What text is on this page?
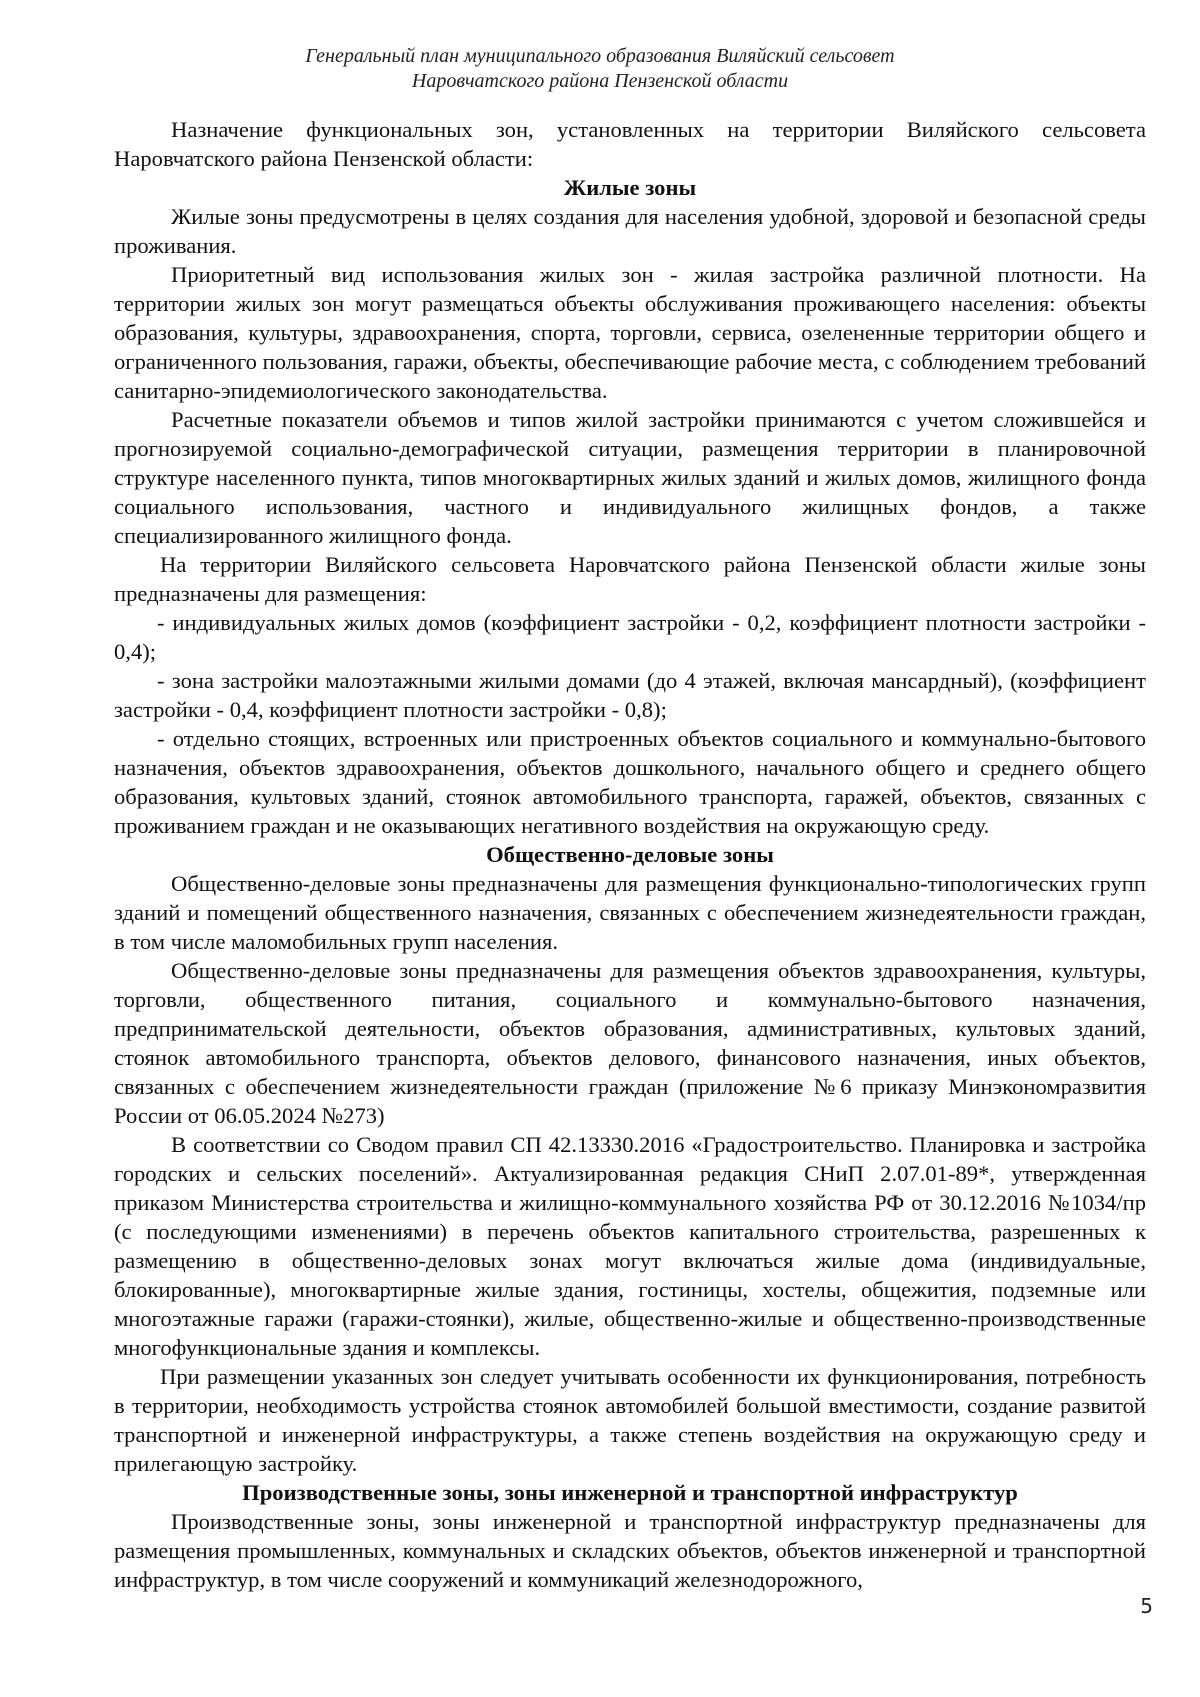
Генеральный план муниципального образования Виляйский сельсовет
Наровчатского района Пензенской области

Назначение функциональных зон, установленных на территории Виляйского сельсовета Наровчатского района Пензенской области:

Жилые зоны

Жилые зоны предусмотрены в целях создания для населения удобной, здоровой и безопасной среды проживания.

Приоритетный вид использования жилых зон - жилая застройка различной плотности. На территории жилых зон могут размещаться объекты обслуживания проживающего населения: объекты образования, культуры, здравоохранения, спорта, торговли, сервиса, озелененные территории общего и ограниченного пользования, гаражи, объекты, обеспечивающие рабочие места, с соблюдением требований санитарно-эпидемиологического законодательства.

Расчетные показатели объемов и типов жилой застройки принимаются с учетом сложившейся и прогнозируемой социально-демографической ситуации, размещения территории в планировочной структуре населенного пункта, типов многоквартирных жилых зданий и жилых домов, жилищного фонда социального использования, частного и индивидуального жилищных фондов, а также специализированного жилищного фонда.

На территории Виляйского сельсовета Наровчатского района Пензенской области жилые зоны предназначены для размещения:

- индивидуальных жилых домов (коэффициент застройки - 0,2, коэффициент плотности застройки - 0,4);

- зона застройки малоэтажными жилыми домами (до 4 этажей, включая мансардный), (коэффициент застройки - 0,4, коэффициент плотности застройки - 0,8);

- отдельно стоящих, встроенных или пристроенных объектов социального и коммунально-бытового назначения, объектов здравоохранения, объектов дошкольного, начального общего и среднего общего образования, культовых зданий, стоянок автомобильного транспорта, гаражей, объектов, связанных с проживанием граждан и не оказывающих негативного воздействия на окружающую среду.

Общественно-деловые зоны

Общественно-деловые зоны предназначены для размещения функционально-типологических групп зданий и помещений общественного назначения, связанных с обеспечением жизнедеятельности граждан, в том числе маломобильных групп населения.

Общественно-деловые зоны предназначены для размещения объектов здравоохранения, культуры, торговли, общественного питания, социального и коммунально-бытового назначения, предпринимательской деятельности, объектов образования, административных, культовых зданий, стоянок автомобильного транспорта, объектов делового, финансового назначения, иных объектов, связанных с обеспечением жизнедеятельности граждан (приложение №6 приказу Минэкономразвития России от 06.05.2024 №273)

В соответствии со Сводом правил СП 42.13330.2016 «Градостроительство. Планировка и застройка городских и сельских поселений». Актуализированная редакция СНиП 2.07.01-89*, утвержденная приказом Министерства строительства и жилищно-коммунального хозяйства РФ от 30.12.2016 №1034/пр (с последующими изменениями) в перечень объектов капитального строительства, разрешенных к размещению в общественно-деловых зонах могут включаться жилые дома (индивидуальные, блокированные), многоквартирные жилые здания, гостиницы, хостелы, общежития, подземные или многоэтажные гаражи (гаражи-стоянки), жилые, общественно-жилые и общественно-производственные многофункциональные здания и комплексы.

При размещении указанных зон следует учитывать особенности их функционирования, потребность в территории, необходимость устройства стоянок автомобилей большой вместимости, создание развитой транспортной и инженерной инфраструктуры, а также степень воздействия на окружающую среду и прилегающую застройку.

Производственные зоны, зоны инженерной и транспортной инфраструктур

Производственные зоны, зоны инженерной и транспортной инфраструктур предназначены для размещения промышленных, коммунальных и складских объектов, объектов инженерной и транспортной инфраструктур, в том числе сооружений и коммуникаций железнодорожного,

5
